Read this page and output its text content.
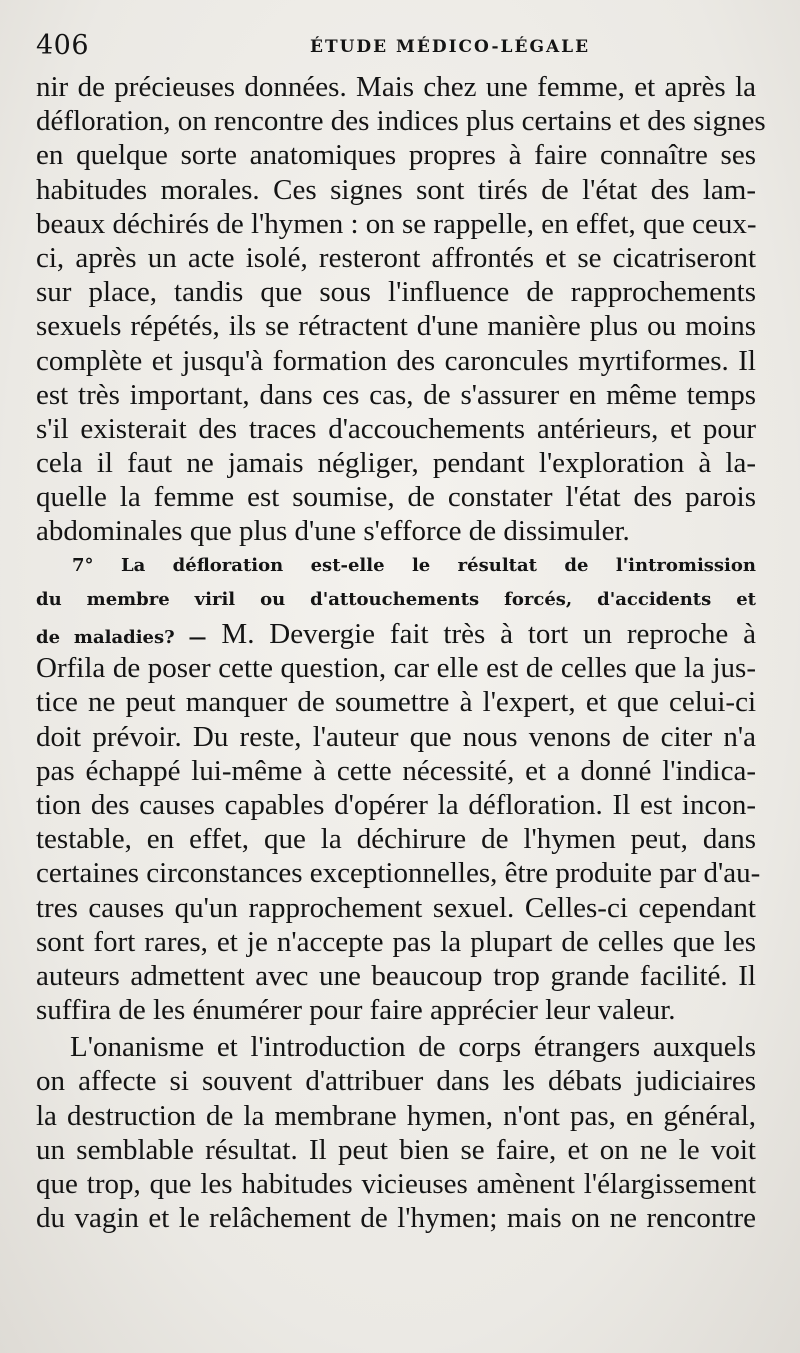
406	ÉTUDE MÉDICO-LÉGALE
nir de précieuses données. Mais chez une femme, et après la
défloration, on rencontre des indices plus certains et des signes
en quelque sorte anatomiques propres à faire connaître ses
habitudes morales. Ces signes sont tirés de l'état des lam-
beaux déchirés de l'hymen : on se rappelle, en effet, que ceux-
ci, après un acte isolé, resteront affrontés et se cicatriseront
sur place, tandis que sous l'influence de rapprochements
sexuels répétés, ils se rétractent d'une manière plus ou moins
complète et jusqu'à formation des caroncules myrtiformes. Il
est très important, dans ces cas, de s'assurer en même temps
s'il existerait des traces d'accouchements antérieurs, et pour
cela il faut ne jamais négliger, pendant l'exploration à la-
quelle la femme est soumise, de constater l'état des parois
abdominales que plus d'une s'efforce de dissimuler.
7° La défloration est-elle le résultat de l'intromission
du membre viril ou d'attouchements forcés, d'accidents et
de maladies? — M. Devergie fait très à tort un reproche à
Orfila de poser cette question, car elle est de celles que la jus-
tice ne peut manquer de soumettre à l'expert, et que celui-ci
doit prévoir. Du reste, l'auteur que nous venons de citer n'a
pas échappé lui-même à cette nécessité, et a donné l'indica-
tion des causes capables d'opérer la défloration. Il est incon-
testable, en effet, que la déchirure de l'hymen peut, dans
certaines circonstances exceptionnelles, être produite par d'au-
tres causes qu'un rapprochement sexuel. Celles-ci cependant
sont fort rares, et je n'accepte pas la plupart de celles que les
auteurs admettent avec une beaucoup trop grande facilité. Il
suffira de les énumérer pour faire apprécier leur valeur.
L'onanisme et l'introduction de corps étrangers auxquels
on affecte si souvent d'attribuer dans les débats judiciaires
la destruction de la membrane hymen, n'ont pas, en général,
un semblable résultat. Il peut bien se faire, et on ne le voit
que trop, que les habitudes vicieuses amènent l'élargissement
du vagin et le relâchement de l'hymen; mais on ne rencontre
